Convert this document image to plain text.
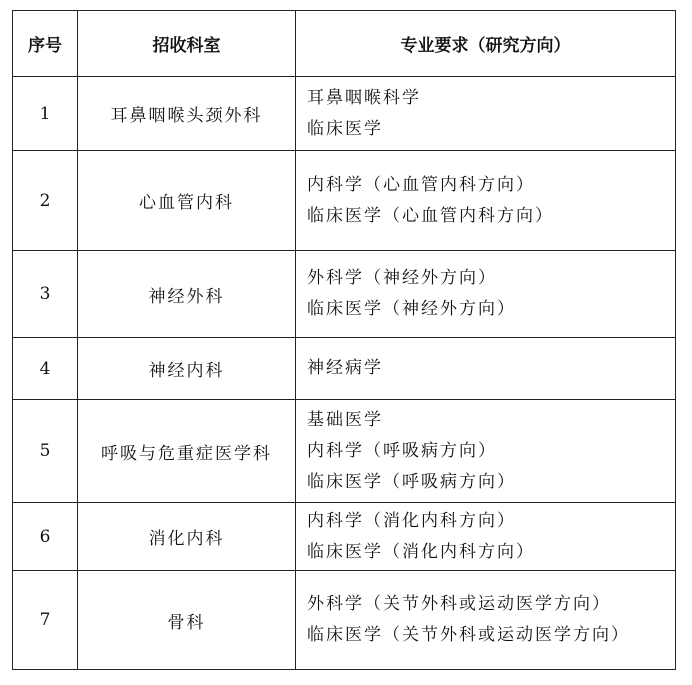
序号	招收科室	专业要求（研究方向）
1	耳鼻咽喉头颈外科	耳鼻咽喉科学
临床医学

2	心血管内科	内科学（心血管内科方向）
临床医学（心血管内科方向）

3	神经外科	外科学（神经外方向）
临床医学（神经外方向）

4	神经内科	神经病学

5	呼吸与危重症医学科	基础医学
内科学（呼吸病方向）
临床医学（呼吸病方向）

6	消化内科	内科学（消化内科方向）
临床医学（消化内科方向）

7	骨科	外科学（关节外科或运动医学方向）
临床医学（关节外科或运动医学方向）
